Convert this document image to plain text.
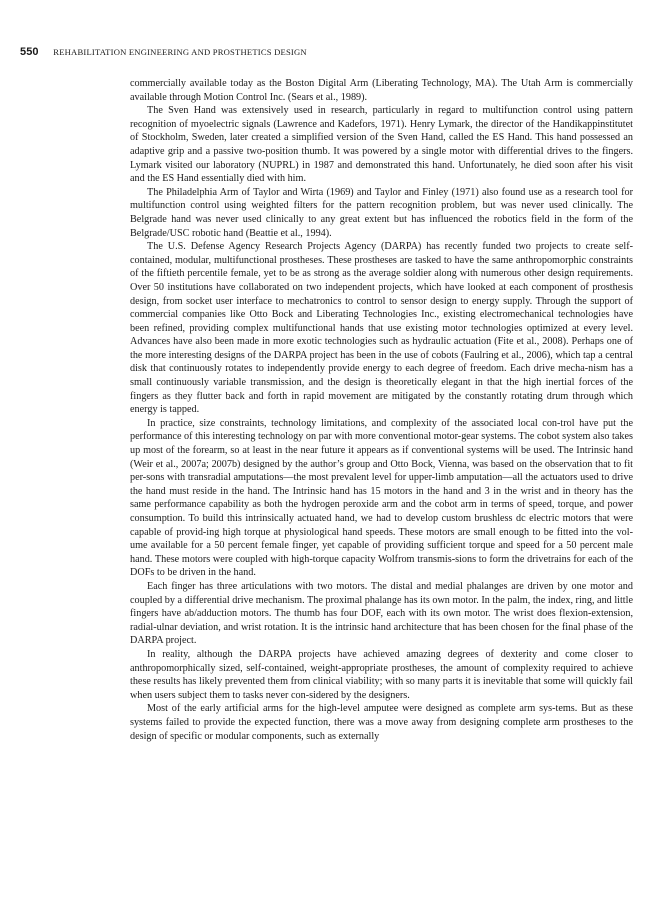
550 REHABILITATION ENGINEERING AND PROSTHETICS DESIGN

commercially available today as the Boston Digital Arm (Liberating Technology, MA). The Utah Arm is commercially available through Motion Control Inc. (Sears et al., 1989).

The Sven Hand was extensively used in research, particularly in regard to multifunction control using pattern recognition of myoelectric signals (Lawrence and Kadefors, 1971). Henry Lymark, the director of the Handikappinstitutet of Stockholm, Sweden, later created a simplified version of the Sven Hand, called the ES Hand. This hand possessed an adaptive grip and a passive two-position thumb. It was powered by a single motor with differential drives to the fingers. Lymark visited our laboratory (NUPRL) in 1987 and demonstrated this hand. Unfortunately, he died soon after his visit and the ES Hand essentially died with him.

The Philadelphia Arm of Taylor and Wirta (1969) and Taylor and Finley (1971) also found use as a research tool for multifunction control using weighted filters for the pattern recognition problem, but was never used clinically. The Belgrade hand was never used clinically to any great extent but has influenced the robotics field in the form of the Belgrade/USC robotic hand (Beattie et al., 1994).

The U.S. Defense Agency Research Projects Agency (DARPA) has recently funded two projects to create self-contained, modular, multifunctional prostheses. These prostheses are tasked to have the same anthropomorphic constraints of the fiftieth percentile female, yet to be as strong as the average soldier along with numerous other design requirements. Over 50 institutions have collaborated on two independent projects, which have looked at each component of prosthesis design, from socket user interface to mechatronics to control to sensor design to energy supply. Through the support of commercial companies like Otto Bock and Liberating Technologies Inc., existing electromechanical technologies have been refined, providing complex multifunctional hands that use existing motor technologies optimized at every level. Advances have also been made in more exotic technologies such as hydraulic actuation (Fite et al., 2008). Perhaps one of the more interesting designs of the DARPA project has been in the use of cobots (Faulring et al., 2006), which tap a central disk that continuously rotates to independently provide energy to each degree of freedom. Each drive mecha-nism has a small continuously variable transmission, and the design is theoretically elegant in that the high inertial forces of the fingers as they flutter back and forth in rapid movement are mitigated by the constantly rotating drum through which energy is tapped.

In practice, size constraints, technology limitations, and complexity of the associated local con-trol have put the performance of this interesting technology on par with more conventional motor-gear systems. The cobot system also takes up most of the forearm, so at least in the near future it appears as if conventional systems will be used. The Intrinsic hand (Weir et al., 2007a; 2007b) designed by the author’s group and Otto Bock, Vienna, was based on the observation that to fit per-sons with transradial amputations—the most prevalent level for upper-limb amputation—all the actuators used to drive the hand must reside in the hand. The Intrinsic hand has 15 motors in the hand and 3 in the wrist and in theory has the same performance capability as both the hydrogen peroxide arm and the cobot arm in terms of speed, torque, and power consumption. To build this intrinsically actuated hand, we had to develop custom brushless dc electric motors that were capable of provid-ing high torque at physiological hand speeds. These motors are small enough to be fitted into the vol-ume available for a 50 percent female finger, yet capable of providing sufficient torque and speed for a 50 percent male hand. These motors were coupled with high-torque capacity Wolfrom transmis-sions to form the drivetrains for each of the DOFs to be driven in the hand.

Each finger has three articulations with two motors. The distal and medial phalanges are driven by one motor and coupled by a differential drive mechanism. The proximal phalange has its own motor. In the palm, the index, ring, and little fingers have ab/adduction motors. The thumb has four DOF, each with its own motor. The wrist does flexion-extension, radial-ulnar deviation, and wrist rotation. It is the intrinsic hand architecture that has been chosen for the final phase of the DARPA project.

In reality, although the DARPA projects have achieved amazing degrees of dexterity and come closer to anthropomorphically sized, self-contained, weight-appropriate prostheses, the amount of complexity required to achieve these results has likely prevented them from clinical viability; with so many parts it is inevitable that some will quickly fail when users subject them to tasks never con-sidered by the designers.

Most of the early artificial arms for the high-level amputee were designed as complete arm sys-tems. But as these systems failed to provide the expected function, there was a move away from designing complete arm prostheses to the design of specific or modular components, such as externally
